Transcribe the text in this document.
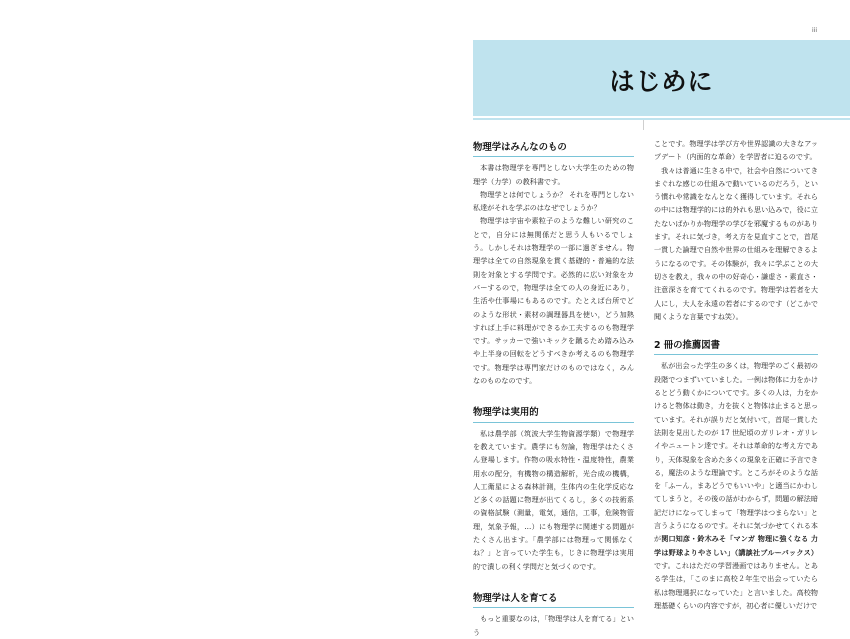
iii
はじめに
物理学はみんなのもの

本書は物理学を専門としない大学生のための物理学（力学）の教科書です。

物理学とは何でしょうか？ それを専門としない私達がそれを学ぶのはなぜでしょうか？

物理学は宇宙や素粒子のような難しい研究のことで，自分には無関係だと思う人もいるでしょう。しかしそれは物理学の一部に過ぎません。物理学は全ての自然現象を貫く基礎的・普遍的な法則を対象とする学問です。必然的に広い対象をカバーするので，物理学は全ての人の身近にあり，生活や仕事場にもあるのです。たとえば台所でどのような形状・素材の調理器具を使い，どう加熱すれば上手に料理ができるか工夫するのも物理学です。サッカーで強いキックを蹴るため踏み込みや上半身の回転をどうすべきか考えるのも物理学です。物理学は専門家だけのものではなく，みんなのものなのです。

物理学は実用的

私は農学部（筑波大学生物資源学類）で物理学を教えています。農学にも勿論，物理学はたくさん登場します。作物の吸水特性・温度特性，農業用水の配分，有機物の構造解析，光合成の機構，人工衛星による森林計測，生体内の生化学反応など多くの話題に物理が出てくるし，多くの技術系の資格試験（測量，電気，通信，工事，危険物管理，気象予報，…）にも物理学に関連する問題がたくさん出ます。「農学部には物理って関係なくね？」と言っていた学生も，じきに物理学は実用的で潰しの利く学問だと気づくのです。

物理学は人を育てる

もっと重要なのは，「物理学は人を育てる」という

ことです。物理学は学び方や世界認識の大きなアップデート（内面的な革命）を学習者に迫るのです。

我々は普通に生きる中で，社会や自然についてきまぐれな感じの仕組みで動いているのだろう，という慣れや常識をなんとなく獲得しています。それらの中には物理学的には的外れも思い込みで，役に立たないばかりか物理学の学びを邪魔するものがあります。それに気づき，考え方を見直すことで，首尾一貫した論理で自然や世界の仕組みを理解できるようになるのです。その体験が，我々に学ぶことの大切さを教え，我々の中の好奇心・謙虚さ・素直さ・注意深さを育ててくれるのです。物理学は若者を大人にし，大人を永遠の若者にするのです（どこかで聞くような言葉ですね笑）。

2 冊の推薦図書

私が出会った学生の多くは，物理学のごく最初の段階でつまずいていました。一例は物体に力をかけるとどう動くかについてです。多くの人は，力をかけると物体は動き，力を抜くと物体は止まると思っています。それが誤りだと気付いて，首尾一貫した法則を見出したのが 17 世紀頃のガリレオ・ガリレイやニュートン達です。それは革命的な考え方であり，天体現象を含めた多くの現象を正確に予言できる，魔法のような理論です。ところがそのような話を「ふーん，まあどうでもいいや」と適当にかわしてしまうと，その後の話がわからず，問題の解法暗記だけになってしまって「物理学はつまらない」と言うようになるのです。それに気づかせてくれる本が関口知彦・鈴木みそ「マンガ 物理に強くなる 力学は野球よりやさしい」（講談社ブルーバックス）です。これはただの学習漫画ではありません。とある学生は，「このまに高校２年生で出会っていたら私は物理選択になっていた」と言いました。高校物理基礎くらいの内容ですが，初心者に優しいだけで
